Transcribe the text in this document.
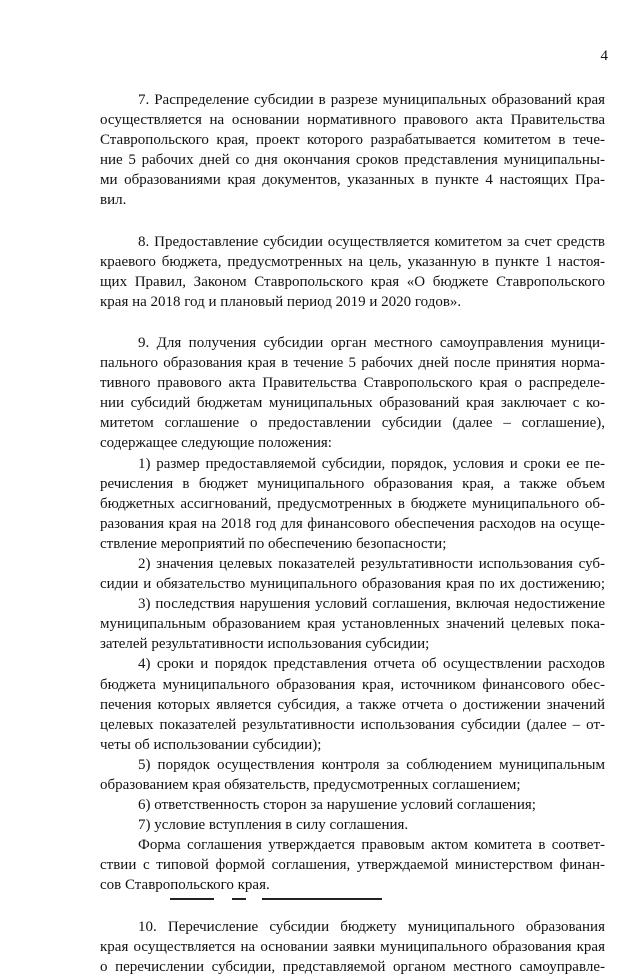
4
7. Распределение субсидии в разрезе муниципальных образований края
осуществляется на основании нормативного правового акта Правительства
Ставропольского края, проект которого разрабатывается комитетом в тече-
ние 5 рабочих дней со дня окончания сроков представления муниципальны-
ми образованиями края документов, указанных в пункте 4 настоящих Пра-
вил.
8. Предоставление субсидии осуществляется комитетом за счет средств
краевого бюджета, предусмотренных на цель, указанную в пункте 1 настоя-
щих Правил, Законом Ставропольского края «О бюджете Ставропольского
края на 2018 год и плановый период 2019 и 2020 годов».
9. Для получения субсидии орган местного самоуправления муници-
пального образования края в течение 5 рабочих дней после принятия норма-
тивного правового акта Правительства Ставропольского края о распределе-
нии субсидий бюджетам муниципальных образований края заключает с ко-
митетом соглашение о предоставлении субсидии (далее – соглашение),
содержащее следующие положения:
1) размер предоставляемой субсидии, порядок, условия и сроки ее пе-
речисления в бюджет муниципального образования края, а также объем
бюджетных ассигнований, предусмотренных в бюджете муниципального об-
разования края на 2018 год для финансового обеспечения расходов на осуще-
ствление мероприятий по обеспечению безопасности;
2) значения целевых показателей результативности использования суб-
сидии и обязательство муниципального образования края по их достижению;
3) последствия нарушения условий соглашения, включая недостижение
муниципальным образованием края установленных значений целевых пока-
зателей результативности использования субсидии;
4) сроки и порядок представления отчета об осуществлении расходов
бюджета муниципального образования края, источником финансового обес-
печения которых является субсидия, а также отчета о достижении значений
целевых показателей результативности использования субсидии (далее – от-
четы об использовании субсидии);
5) порядок осуществления контроля за соблюдением муниципальным
образованием края обязательств, предусмотренных соглашением;
6) ответственность сторон за нарушение условий соглашения;
7) условие вступления в силу соглашения.
Форма соглашения утверждается правовым актом комитета в соответ-
ствии с типовой формой соглашения, утверждаемой министерством финан-
сов Ставропольского края.
10. Перечисление субсидии бюджету муниципального образования
края осуществляется на основании заявки муниципального образования края
о перечислении субсидии, представляемой органом местного самоуправле-
